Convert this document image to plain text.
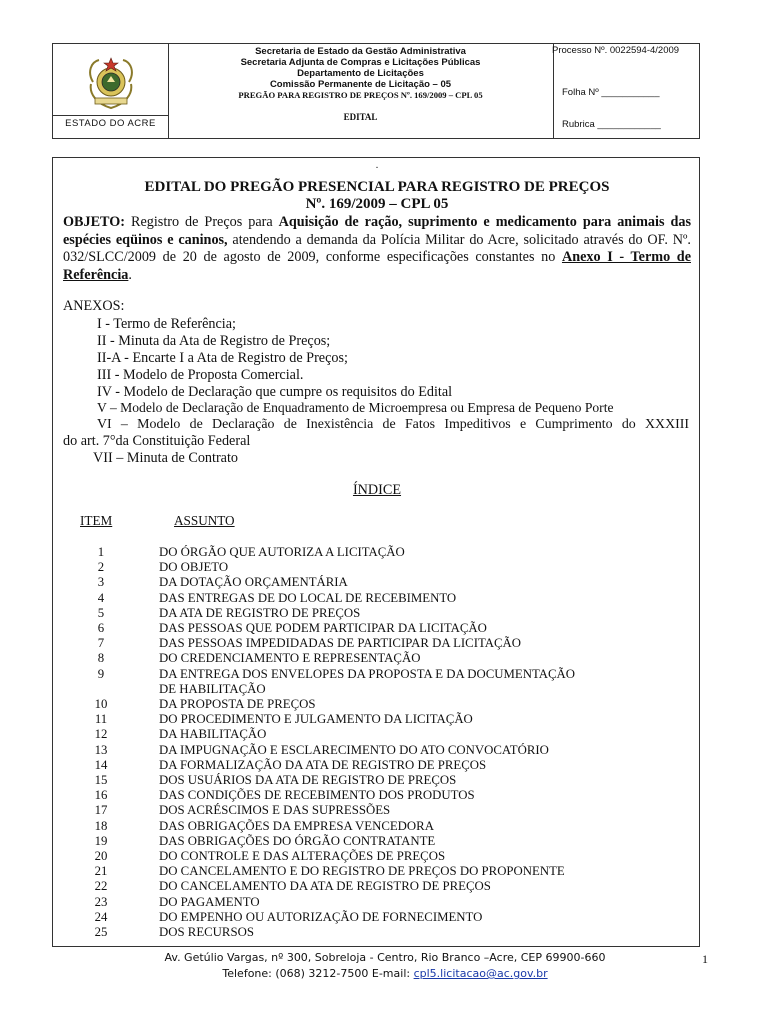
ESTADO DO ACRE
Secretaria de Estado da Gestão Administrativa
Secretaria Adjunta de Compras e Licitações Públicas
Departamento de Licitações
Comissão Permanente de Licitação – 05
PREGÃO PARA REGISTRO DE PREÇOS Nº. 169/2009 – CPL 05
EDITAL
Processo Nº. 0022594-4/2009
Folha Nº ___________
Rubrica ____________
.
EDITAL DO PREGÃO PRESENCIAL PARA REGISTRO DE PREÇOS
Nº. 169/2009 – CPL 05
OBJETO: Registro de Preços para Aquisição de ração, suprimento e medicamento para animais das espécies eqüinos e caninos, atendendo a demanda da Polícia Militar do Acre, solicitado através do OF. Nº. 032/SLCC/2009 de 20 de agosto de 2009, conforme especificações constantes no Anexo I - Termo de Referência.
ANEXOS:
I - Termo de Referência;
II - Minuta da Ata de Registro de Preços;
II-A - Encarte I a Ata de Registro de Preços;
III - Modelo de Proposta Comercial.
IV - Modelo de Declaração que cumpre os requisitos do Edital
V – Modelo de Declaração de Enquadramento de Microempresa ou Empresa de Pequeno Porte
VI – Modelo de Declaração de Inexistência de Fatos Impeditivos e Cumprimento do XXXIII
do art. 7°da Constituição Federal
VII – Minuta de Contrato
ÍNDICE
ITEM	ASSUNTO
1	DO ÓRGÃO QUE AUTORIZA A LICITAÇÃO
2	DO OBJETO
3	DA DOTAÇÃO ORÇAMENTÁRIA
4	DAS ENTREGAS DE DO LOCAL DE RECEBIMENTO
5	DA ATA DE REGISTRO DE PREÇOS
6	DAS PESSOAS QUE PODEM PARTICIPAR DA LICITAÇÃO
7	DAS PESSOAS IMPEDIDADAS DE PARTICIPAR DA LICITAÇÃO
8	DO CREDENCIAMENTO E REPRESENTAÇÃO
9	DA ENTREGA DOS ENVELOPES DA PROPOSTA E DA DOCUMENTAÇÃO
DE HABILITAÇÃO
10	DA PROPOSTA DE PREÇOS
11	DO PROCEDIMENTO E JULGAMENTO DA LICITAÇÃO
12	DA HABILITAÇÃO
13	DA IMPUGNAÇÃO E ESCLARECIMENTO DO ATO CONVOCATÓRIO
14	DA FORMALIZAÇÃO DA ATA DE REGISTRO DE PREÇOS
15	DOS USUÁRIOS DA ATA DE REGISTRO DE PREÇOS
16	DAS CONDIÇÕES DE RECEBIMENTO DOS PRODUTOS
17	DOS ACRÉSCIMOS E DAS SUPRESSÕES
18	DAS OBRIGAÇÕES DA EMPRESA VENCEDORA
19	DAS OBRIGAÇÕES DO ÓRGÃO CONTRATANTE
20	DO CONTROLE E DAS ALTERAÇÕES DE PREÇOS
21	DO CANCELAMENTO E DO REGISTRO DE PREÇOS DO PROPONENTE
22	DO CANCELAMENTO DA ATA DE REGISTRO DE PREÇOS
23	DO PAGAMENTO
24	DO EMPENHO OU AUTORIZAÇÃO DE FORNECIMENTO
25	DOS RECURSOS
Av. Getúlio Vargas, nº 300, Sobreloja - Centro, Rio Branco –Acre, CEP 69900-660
Telefone: (068) 3212-7500 E-mail: cpl5.licitacao@ac.gov.br
1
